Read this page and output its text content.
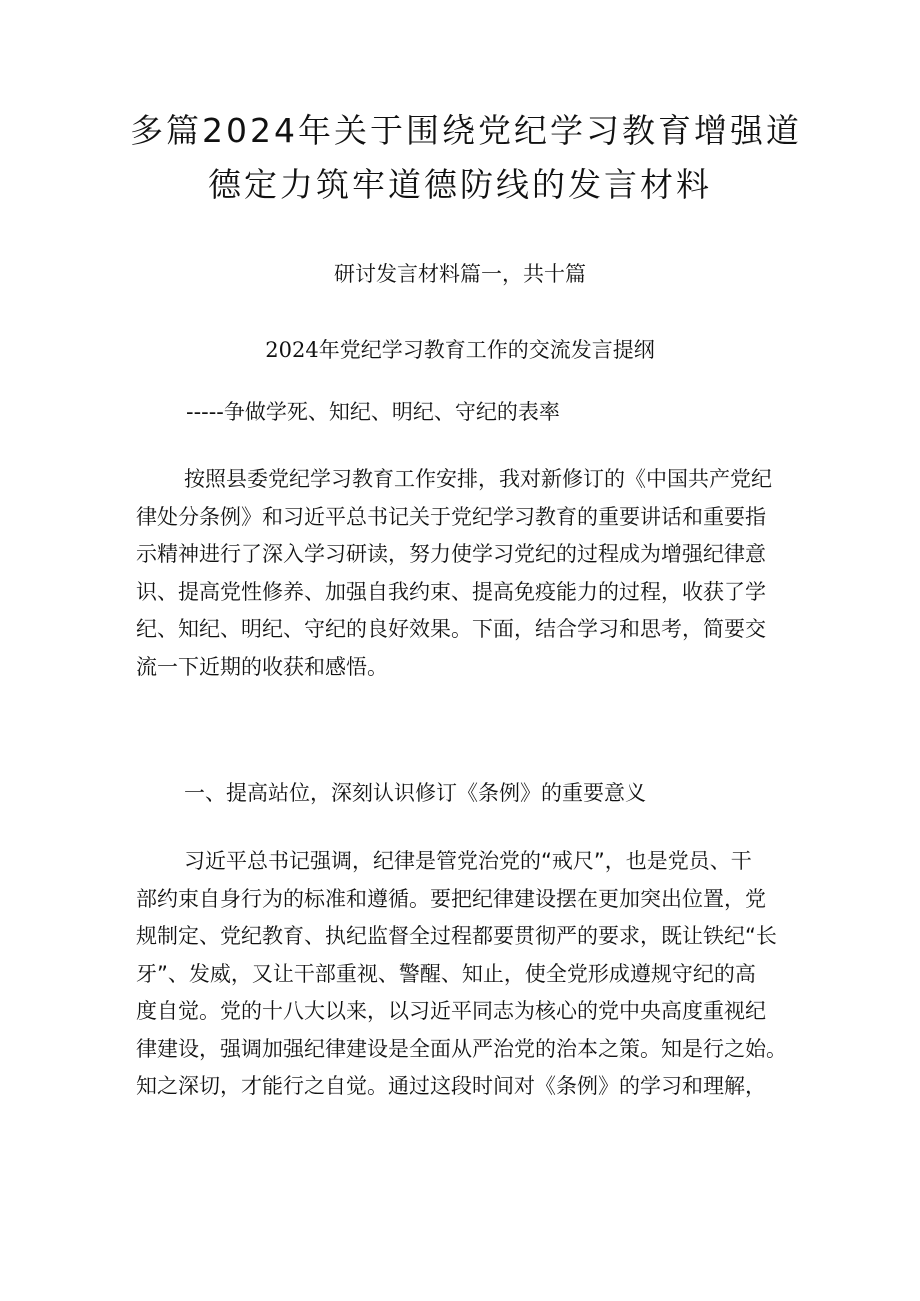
多篇2024年关于围绕党纪学习教育增强道
德定力筑牢道德防线的发言材料

研讨发言材料篇一，共十篇

2024年党纪学习教育工作的交流发言提纲

-----争做学死、知纪、明纪、守纪的表率

按照县委党纪学习教育工作安排，我对新修订的《中国共产党纪
律处分条例》和习近平总书记关于党纪学习教育的重要讲话和重要指
示精神进行了深入学习研读，努力使学习党纪的过程成为增强纪律意
识、提高党性修养、加强自我约束、提高免疫能力的过程，收获了学
纪、知纪、明纪、守纪的良好效果。下面，结合学习和思考，简要交
流一下近期的收获和感悟。

一、提高站位，深刻认识修订《条例》的重要意义

习近平总书记强调，纪律是管党治党的“戒尺”，也是党员、干
部约束自身行为的标准和遵循。要把纪律建设摆在更加突出位置，党
规制定、党纪教育、执纪监督全过程都要贯彻严的要求，既让铁纪“长
牙”、发威，又让干部重视、警醒、知止，使全党形成遵规守纪的高
度自觉。党的十八大以来，以习近平同志为核心的党中央高度重视纪
律建设，强调加强纪律建设是全面从严治党的治本之策。知是行之始。
知之深切，才能行之自觉。通过这段时间对《条例》的学习和理解，
